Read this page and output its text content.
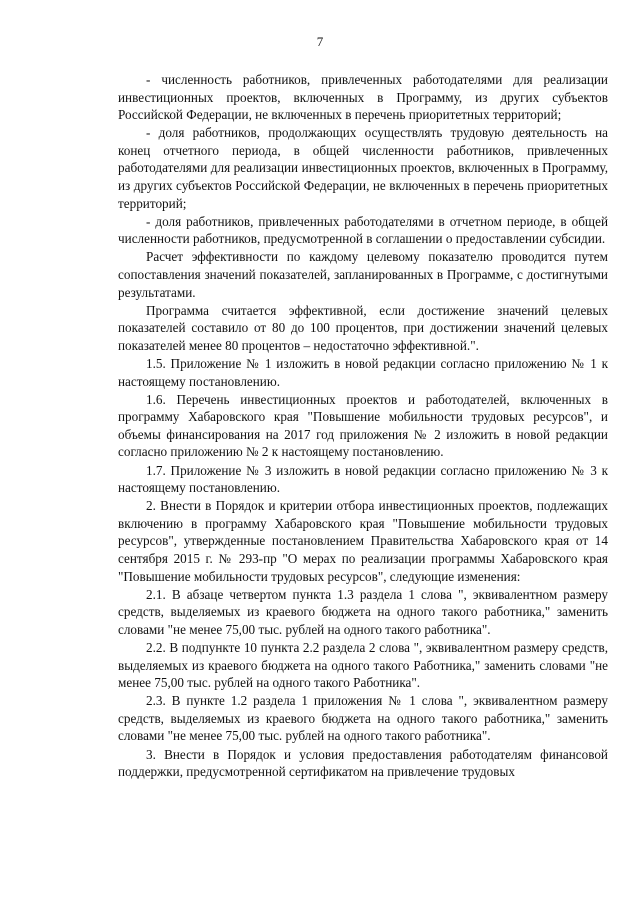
7

- численность работников, привлеченных работодателями для реализации инвестиционных проектов, включенных в Программу, из других субъектов Российской Федерации, не включенных в перечень приоритетных территорий;

- доля работников, продолжающих осуществлять трудовую деятельность на конец отчетного периода, в общей численности работников, привлеченных работодателями для реализации инвестиционных проектов, включенных в Программу, из других субъектов Российской Федерации, не включенных в перечень приоритетных территорий;

- доля работников, привлеченных работодателями в отчетном периоде, в общей численности работников, предусмотренной в соглашении о предоставлении субсидии.

Расчет эффективности по каждому целевому показателю проводится путем сопоставления значений показателей, запланированных в Программе, с достигнутыми результатами.

Программа считается эффективной, если достижение значений целевых показателей составило от 80 до 100 процентов, при достижении значений целевых показателей менее 80 процентов – недостаточно эффективной.".

1.5. Приложение № 1 изложить в новой редакции согласно приложению № 1 к настоящему постановлению.

1.6. Перечень инвестиционных проектов и работодателей, включенных в программу Хабаровского края "Повышение мобильности трудовых ресурсов", и объемы финансирования на 2017 год приложения № 2 изложить в новой редакции согласно приложению № 2 к настоящему постановлению.

1.7. Приложение № 3 изложить в новой редакции согласно приложению № 3 к настоящему постановлению.

2. Внести в Порядок и критерии отбора инвестиционных проектов, подлежащих включению в программу Хабаровского края "Повышение мобильности трудовых ресурсов", утвержденные постановлением Правительства Хабаровского края от 14 сентября 2015 г. № 293-пр "О мерах по реализации программы Хабаровского края "Повышение мобильности трудовых ресурсов", следующие изменения:

2.1. В абзаце четвертом пункта 1.3 раздела 1 слова ", эквивалентном размеру средств, выделяемых из краевого бюджета на одного такого работника," заменить словами "не менее 75,00 тыс. рублей на одного такого работника".

2.2. В подпункте 10 пункта 2.2 раздела 2 слова ", эквивалентном размеру средств, выделяемых из краевого бюджета на одного такого Работника," заменить словами "не менее 75,00 тыс. рублей на одного такого Работника".

2.3. В пункте 1.2 раздела 1 приложения № 1 слова ", эквивалентном размеру средств, выделяемых из краевого бюджета на одного такого работника," заменить словами "не менее 75,00 тыс. рублей на одного такого работника".

3. Внести в Порядок и условия предоставления работодателям финансовой поддержки, предусмотренной сертификатом на привлечение трудовых
